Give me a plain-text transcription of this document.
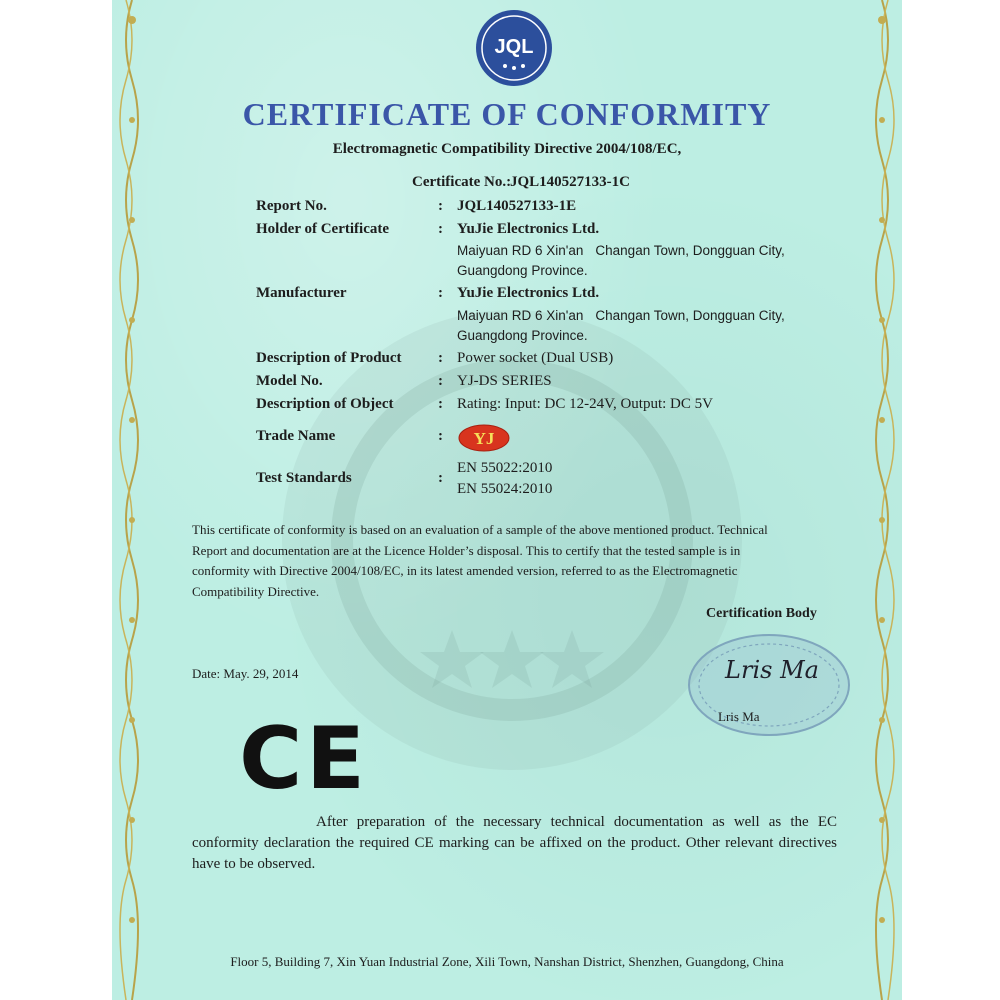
JQL
CERTIFICATE OF CONFORMITY
Electromagnetic Compatibility Directive 2004/108/EC,
Certificate No.:
JQL140527133-1C
Report No.	: JQL140527133-1E
Holder of Certificate	: YuJie Electronics Ltd.
Maiyuan RD 6 Xin'an Changan Town, Dongguan City,
Guangdong Province.
Manufacturer	: YuJie Electronics Ltd.
Maiyuan RD 6 Xin'an Changan Town, Dongguan City,
Guangdong Province.
Description of Product : Power socket (Dual USB)
Model No.	: YJ-DS SERIES
Description of Object	: Rating: Input: DC 12-24V, Output: DC 5V
Trade Name	: YJ
Test Standards	:
EN 55022:2010
EN 55024:2010
This certificate of conformity is based on an evaluation of a sample of the above mentioned product. Technical
Report and documentation are at the Licence Holder’s disposal. This to certify that the tested sample is in
conformity with Directive 2004/108/EC, in its latest amended version, referred to as the Electromagnetic
Compatibility Directive.
Certification Body
Date: May. 29, 2014	Lris Ma
Lris Ma
CE
After preparation of the necessary technical documentation as well as the EC conformity declaration the required CE marking can be affixed on the product. Other relevant directives have to be observed.
Floor 5, Building 7, Xin Yuan Industrial Zone, Xili Town, Nanshan District, Shenzhen, Guangdong, China
